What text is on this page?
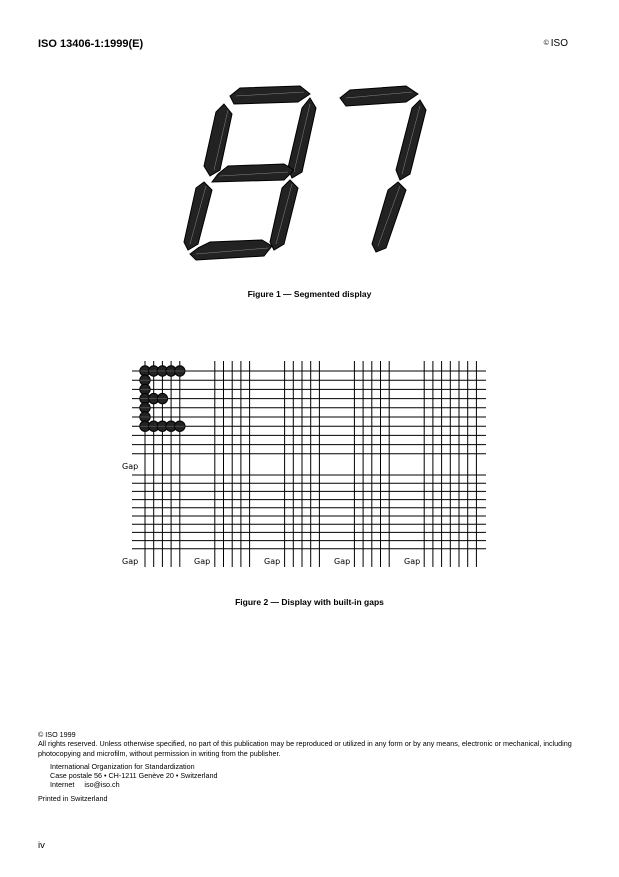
ISO 13406-1:1999(E)	© ISO
Figure 1 — Segmented display
Gap
Gap	Gap	Gap	Gap	Gap
Figure 2 — Display with built-in gaps
© ISO 1999
All rights reserved. Unless otherwise specified, no part of this publication may be reproduced or utilized in any form or by any means, electronic or mechanical, including photocopying and microfilm, without permission in writing from the publisher.
International Organization for Standardization
Case postale 56 • CH-1211 Genève 20 • Switzerland
Internet iso@iso.ch
Printed in Switzerland
iv
